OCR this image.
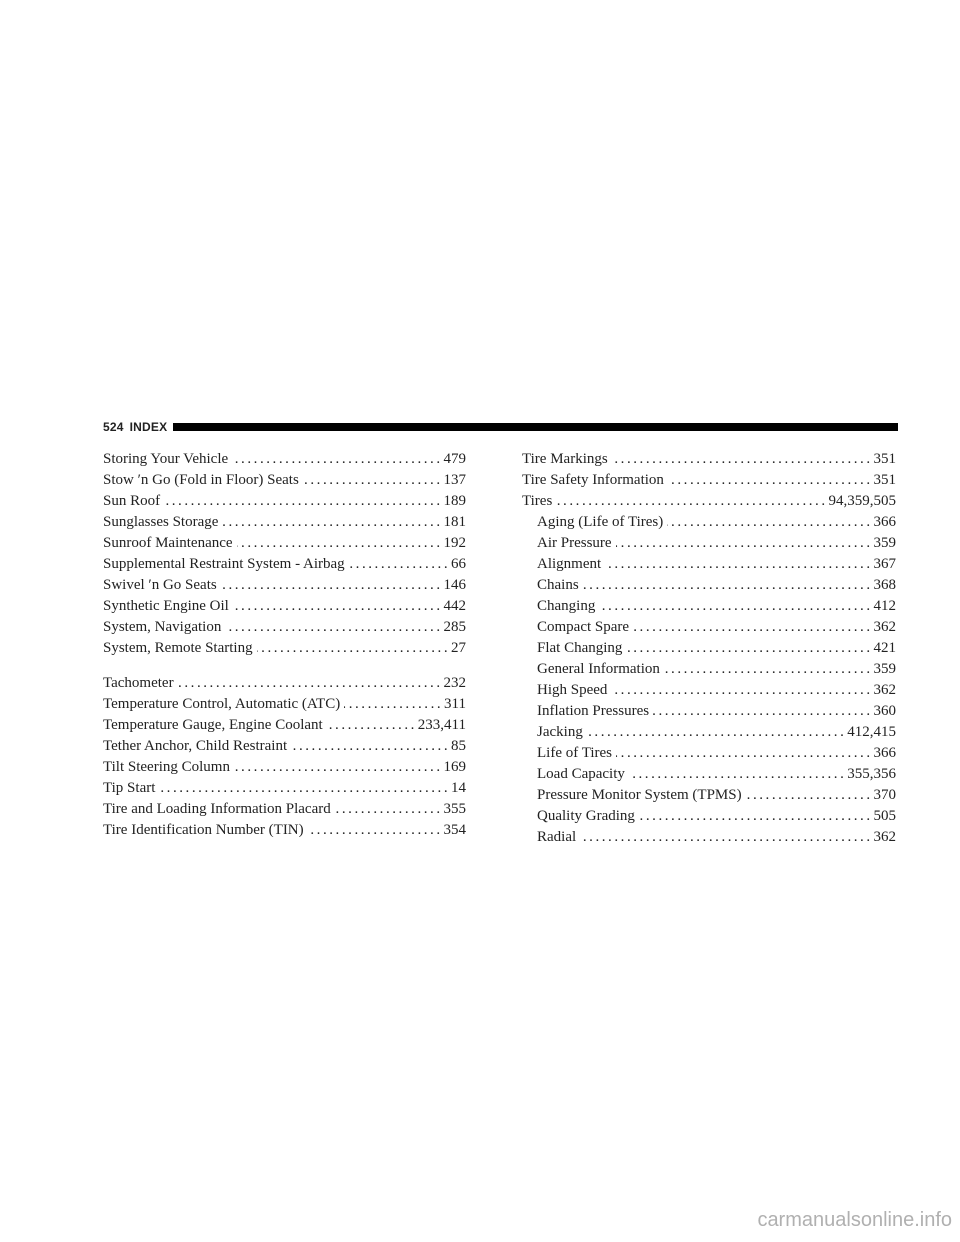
524 INDEX
Storing Your Vehicle . . .	479
Stow ′n Go (Fold in Floor) Seats . . .	137
Sun Roof . . .	189
Sunglasses Storage . . .	181
Sunroof Maintenance . . .	192
Supplemental Restraint System - Airbag . . .	66
Swivel ′n Go Seats . . .	146
Synthetic Engine Oil . . .	442
System, Navigation . . .	285
System, Remote Starting . . .	27
Tachometer . . .	232
Temperature Control, Automatic (ATC) . . .	311
Temperature Gauge, Engine Coolant . . .	233,411
Tether Anchor, Child Restraint . . .	85
Tilt Steering Column . . .	169
Tip Start . . .	14
Tire and Loading Information Placard . . .	355
Tire Identification Number (TIN) . . .	354
Tire Markings . . .	351
Tire Safety Information . . .	351
Tires . . .	94,359,505
Aging (Life of Tires) . . .	366
Air Pressure . . .	359
Alignment . . .	367
Chains . . .	368
Changing . . .	412
Compact Spare . . .	362
Flat Changing . . .	421
General Information . . .	359
High Speed . . .	362
Inflation Pressures . . .	360
Jacking . . .	412,415
Life of Tires . . .	366
Load Capacity . . .	355,356
Pressure Monitor System (TPMS) . . .	370
Quality Grading . . .	505
Radial . . .	362
carmanualsonline.info
